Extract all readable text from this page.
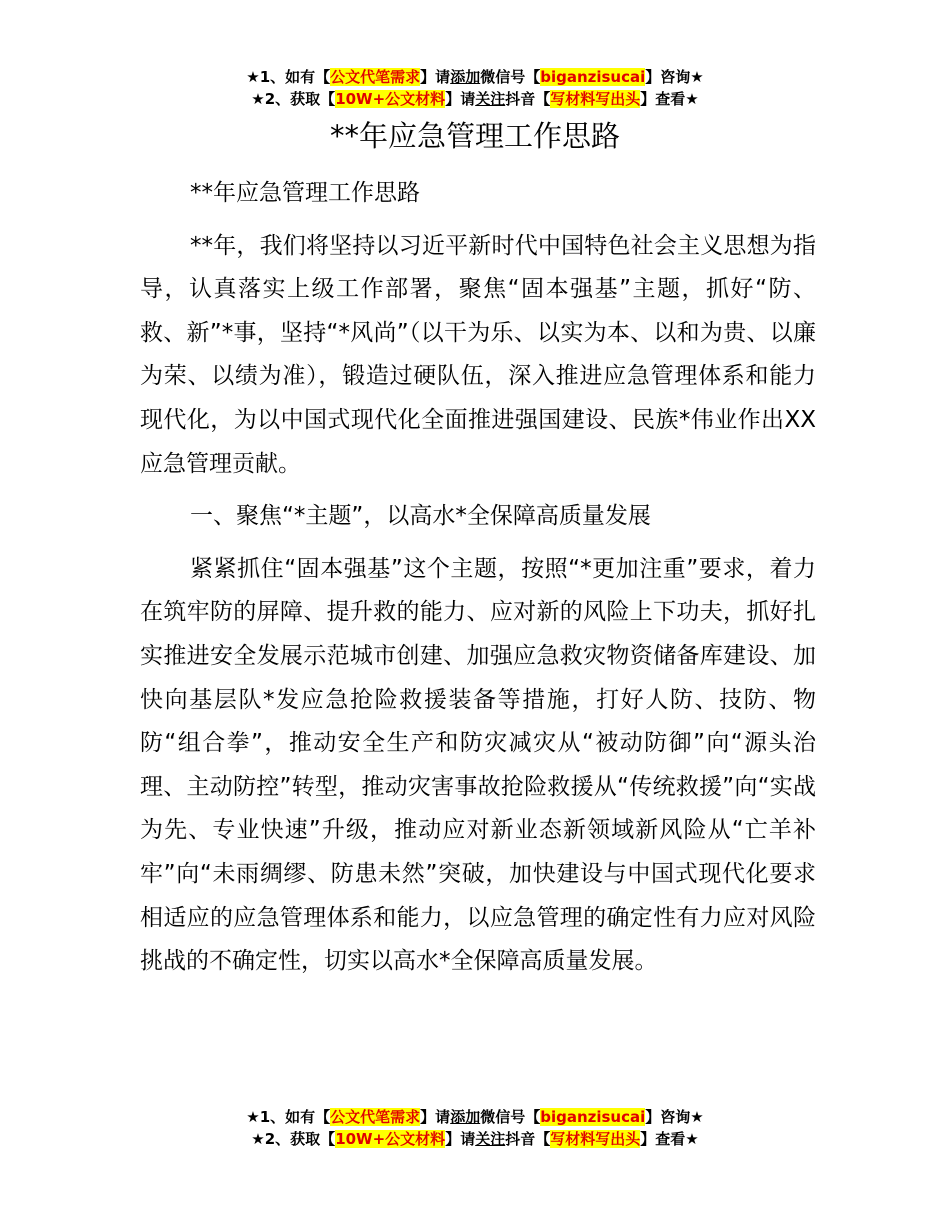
★1、如有【公文代笔需求】请添加微信号【biganzisucai】咨询★
★2、获取【10W+公文材料】请关注抖音【写材料写出头】查看★
**年应急管理工作思路

**年应急管理工作思路

**年，我们将坚持以习近平新时代中国特色社会主义思想为指导，认真落实上级工作部署，聚焦“固本强基”主题，抓好“防、救、新”*事，坚持“*风尚”（以干为乐、以实为本、以和为贵、以廉为荣、以绩为准），锻造过硬队伍，深入推进应急管理体系和能力现代化，为以中国式现代化全面推进强国建设、民族*伟业作出XX应急管理贡献。

一、聚焦“*主题”，以高水*全保障高质量发展

紧紧抓住“固本强基”这个主题，按照“*更加注重”要求，着力在筑牢防的屏障、提升救的能力、应对新的风险上下功夫，抓好扎实推进安全发展示范城市创建、加强应急救灾物资储备库建设、加快向基层队*发应急抢险救援装备等措施，打好人防、技防、物防“组合拳”，推动安全生产和防灾减灾从“被动防御”向“源头治理、主动防控”转型，推动灾害事故抢险救援从“传统救援”向“实战为先、专业快速”升级，推动应对新业态新领域新风险从“亡羊补牢”向“未雨绸缪、防患未然”突破，加快建设与中国式现代化要求相适应的应急管理体系和能力，以应急管理的确定性有力应对风险挑战的不确定性，切实以高水*全保障高质量发展。

★1、如有【公文代笔需求】请添加微信号【biganzisucai】咨询★
★2、获取【10W+公文材料】请关注抖音【写材料写出头】查看★
